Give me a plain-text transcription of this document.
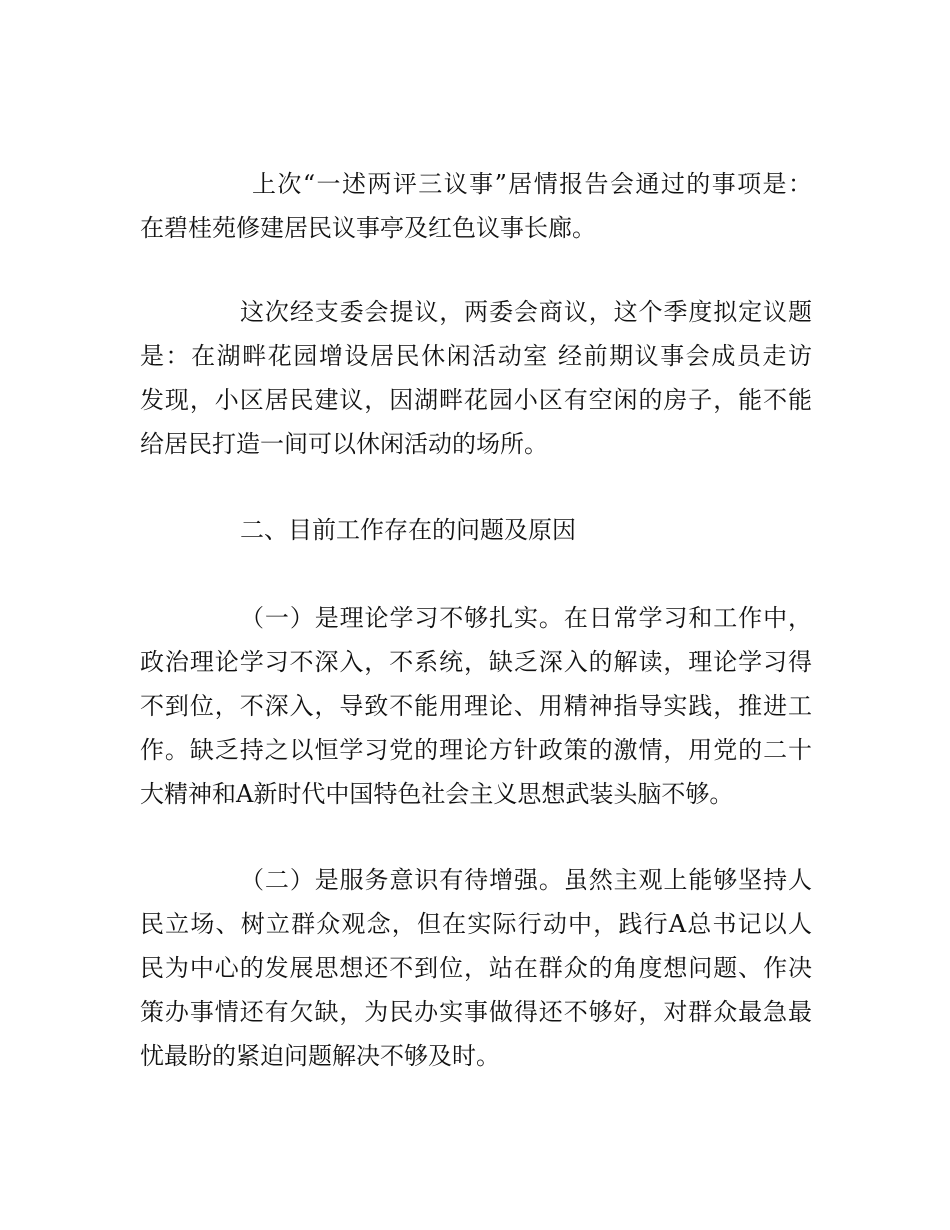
上次“一述两评三议事”居情报告会通过的事项是：
在碧桂苑修建居民议事亭及红色议事长廊。
这次经支委会提议，两委会商议，这个季度拟定议题
是：在湖畔花园增设居民休闲活动室 经前期议事会成员走访
发现，小区居民建议，因湖畔花园小区有空闲的房子，能不能
给居民打造一间可以休闲活动的场所。
二、目前工作存在的问题及原因
（一）是理论学习不够扎实。在日常学习和工作中，
政治理论学习不深入，不系统，缺乏深入的解读，理论学习得
不到位，不深入，导致不能用理论、用精神指导实践，推进工
作。缺乏持之以恒学习党的理论方针政策的激情，用党的二十
大精神和A新时代中国特色社会主义思想武装头脑不够。
（二）是服务意识有待增强。虽然主观上能够坚持人
民立场、树立群众观念，但在实际行动中，践行A总书记以人
民为中心的发展思想还不到位，站在群众的角度想问题、作决
策办事情还有欠缺，为民办实事做得还不够好，对群众最急最
忧最盼的紧迫问题解决不够及时。
